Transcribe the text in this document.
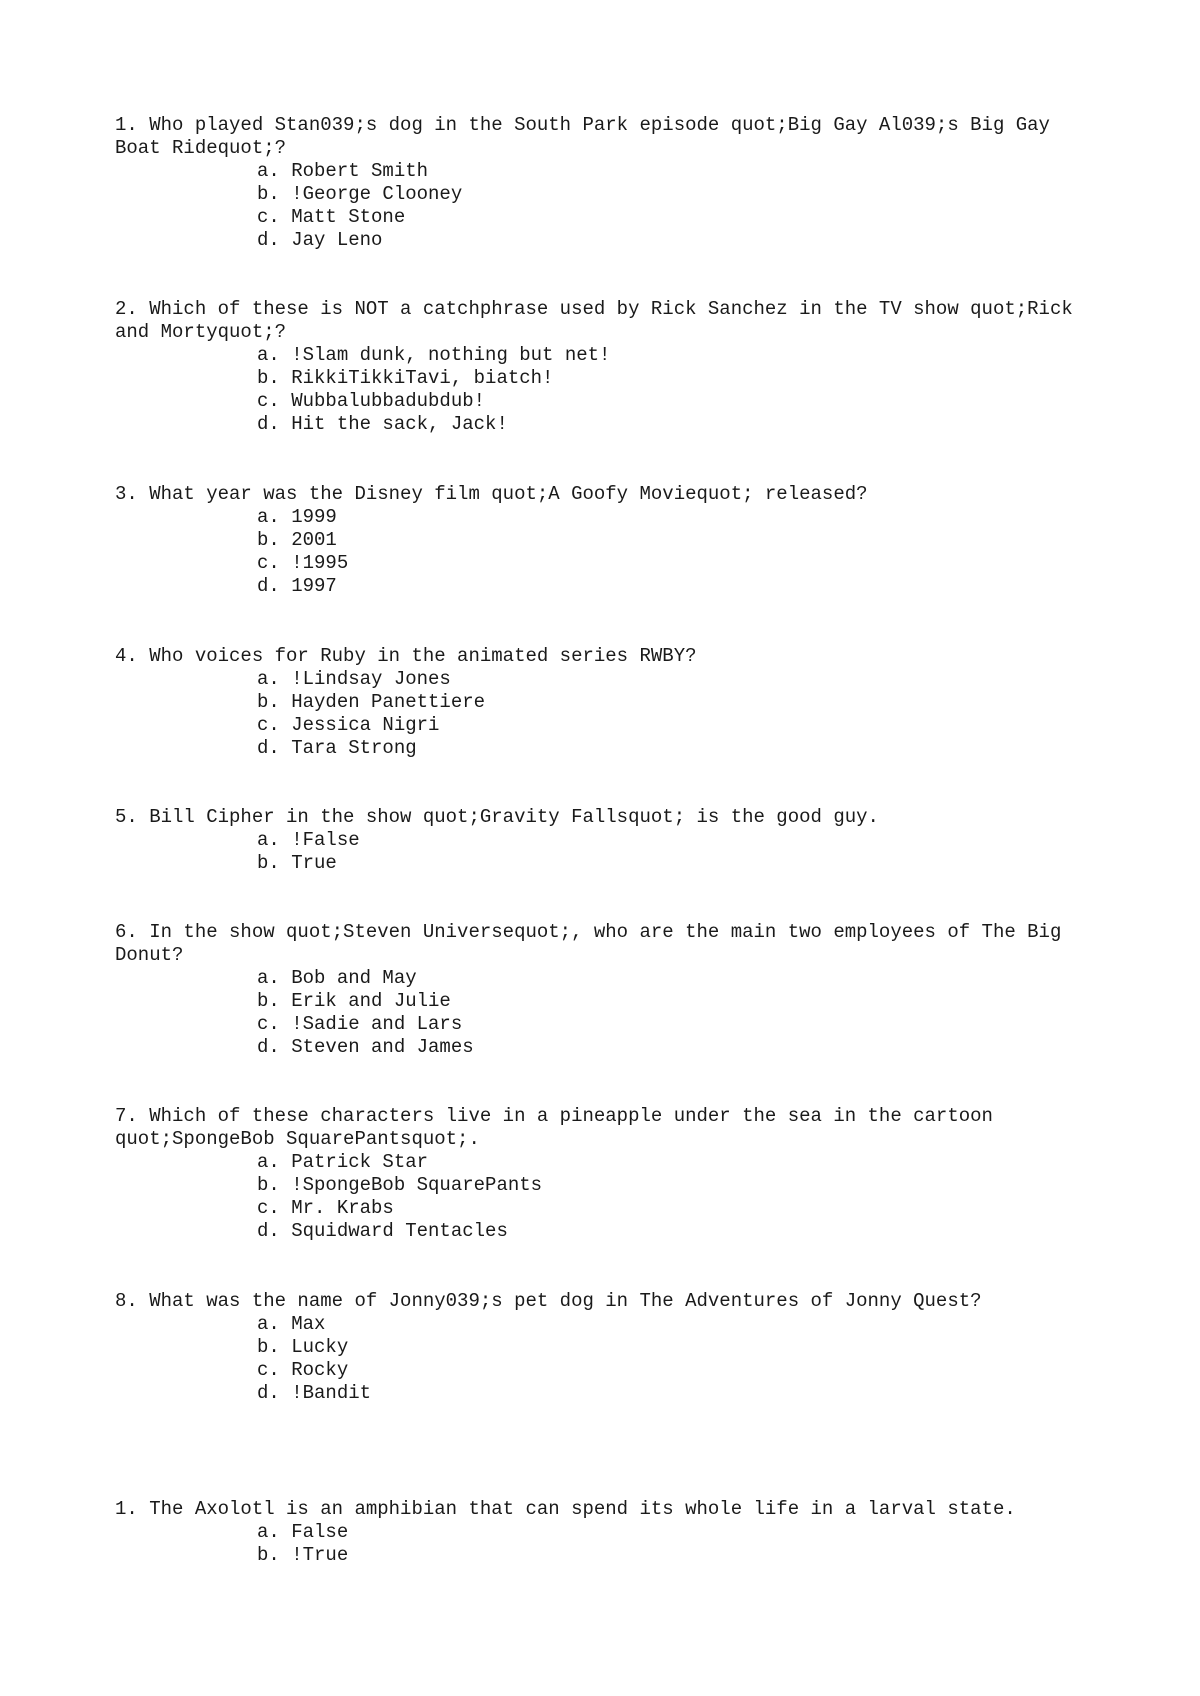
1. Who played Stan039;s dog in the South Park episode quot;Big Gay Al039;s Big Gay Boat Ridequot;?
a. Robert Smith
b. !George Clooney
c. Matt Stone
d. Jay Leno
2. Which of these is NOT a catchphrase used by Rick Sanchez in the TV show quot;Rick and Mortyquot;?
a. !Slam dunk, nothing but net!
b. RikkiTikkiTavi, biatch!
c. Wubbalubbadubdub!
d. Hit the sack, Jack!
3. What year was the Disney film quot;A Goofy Moviequot; released?
a. 1999
b. 2001
c. !1995
d. 1997
4. Who voices for Ruby in the animated series RWBY?
a. !Lindsay Jones
b. Hayden Panettiere
c. Jessica Nigri
d. Tara Strong
5. Bill Cipher in the show quot;Gravity Fallsquot; is the good guy.
a. !False
b. True
6. In the show quot;Steven Universequot;, who are the main two employees of The Big Donut?
a. Bob and May
b. Erik and Julie
c. !Sadie and Lars
d. Steven and James
7. Which of these characters live in a pineapple under the sea in the cartoon quot;SpongeBob SquarePantsquot;.
a. Patrick Star
b. !SpongeBob SquarePants
c. Mr. Krabs
d. Squidward Tentacles
8. What was the name of Jonny039;s pet dog in The Adventures of Jonny Quest?
a. Max
b. Lucky
c. Rocky
d. !Bandit
1. The Axolotl is an amphibian that can spend its whole life in a larval state.
a. False
b. !True
